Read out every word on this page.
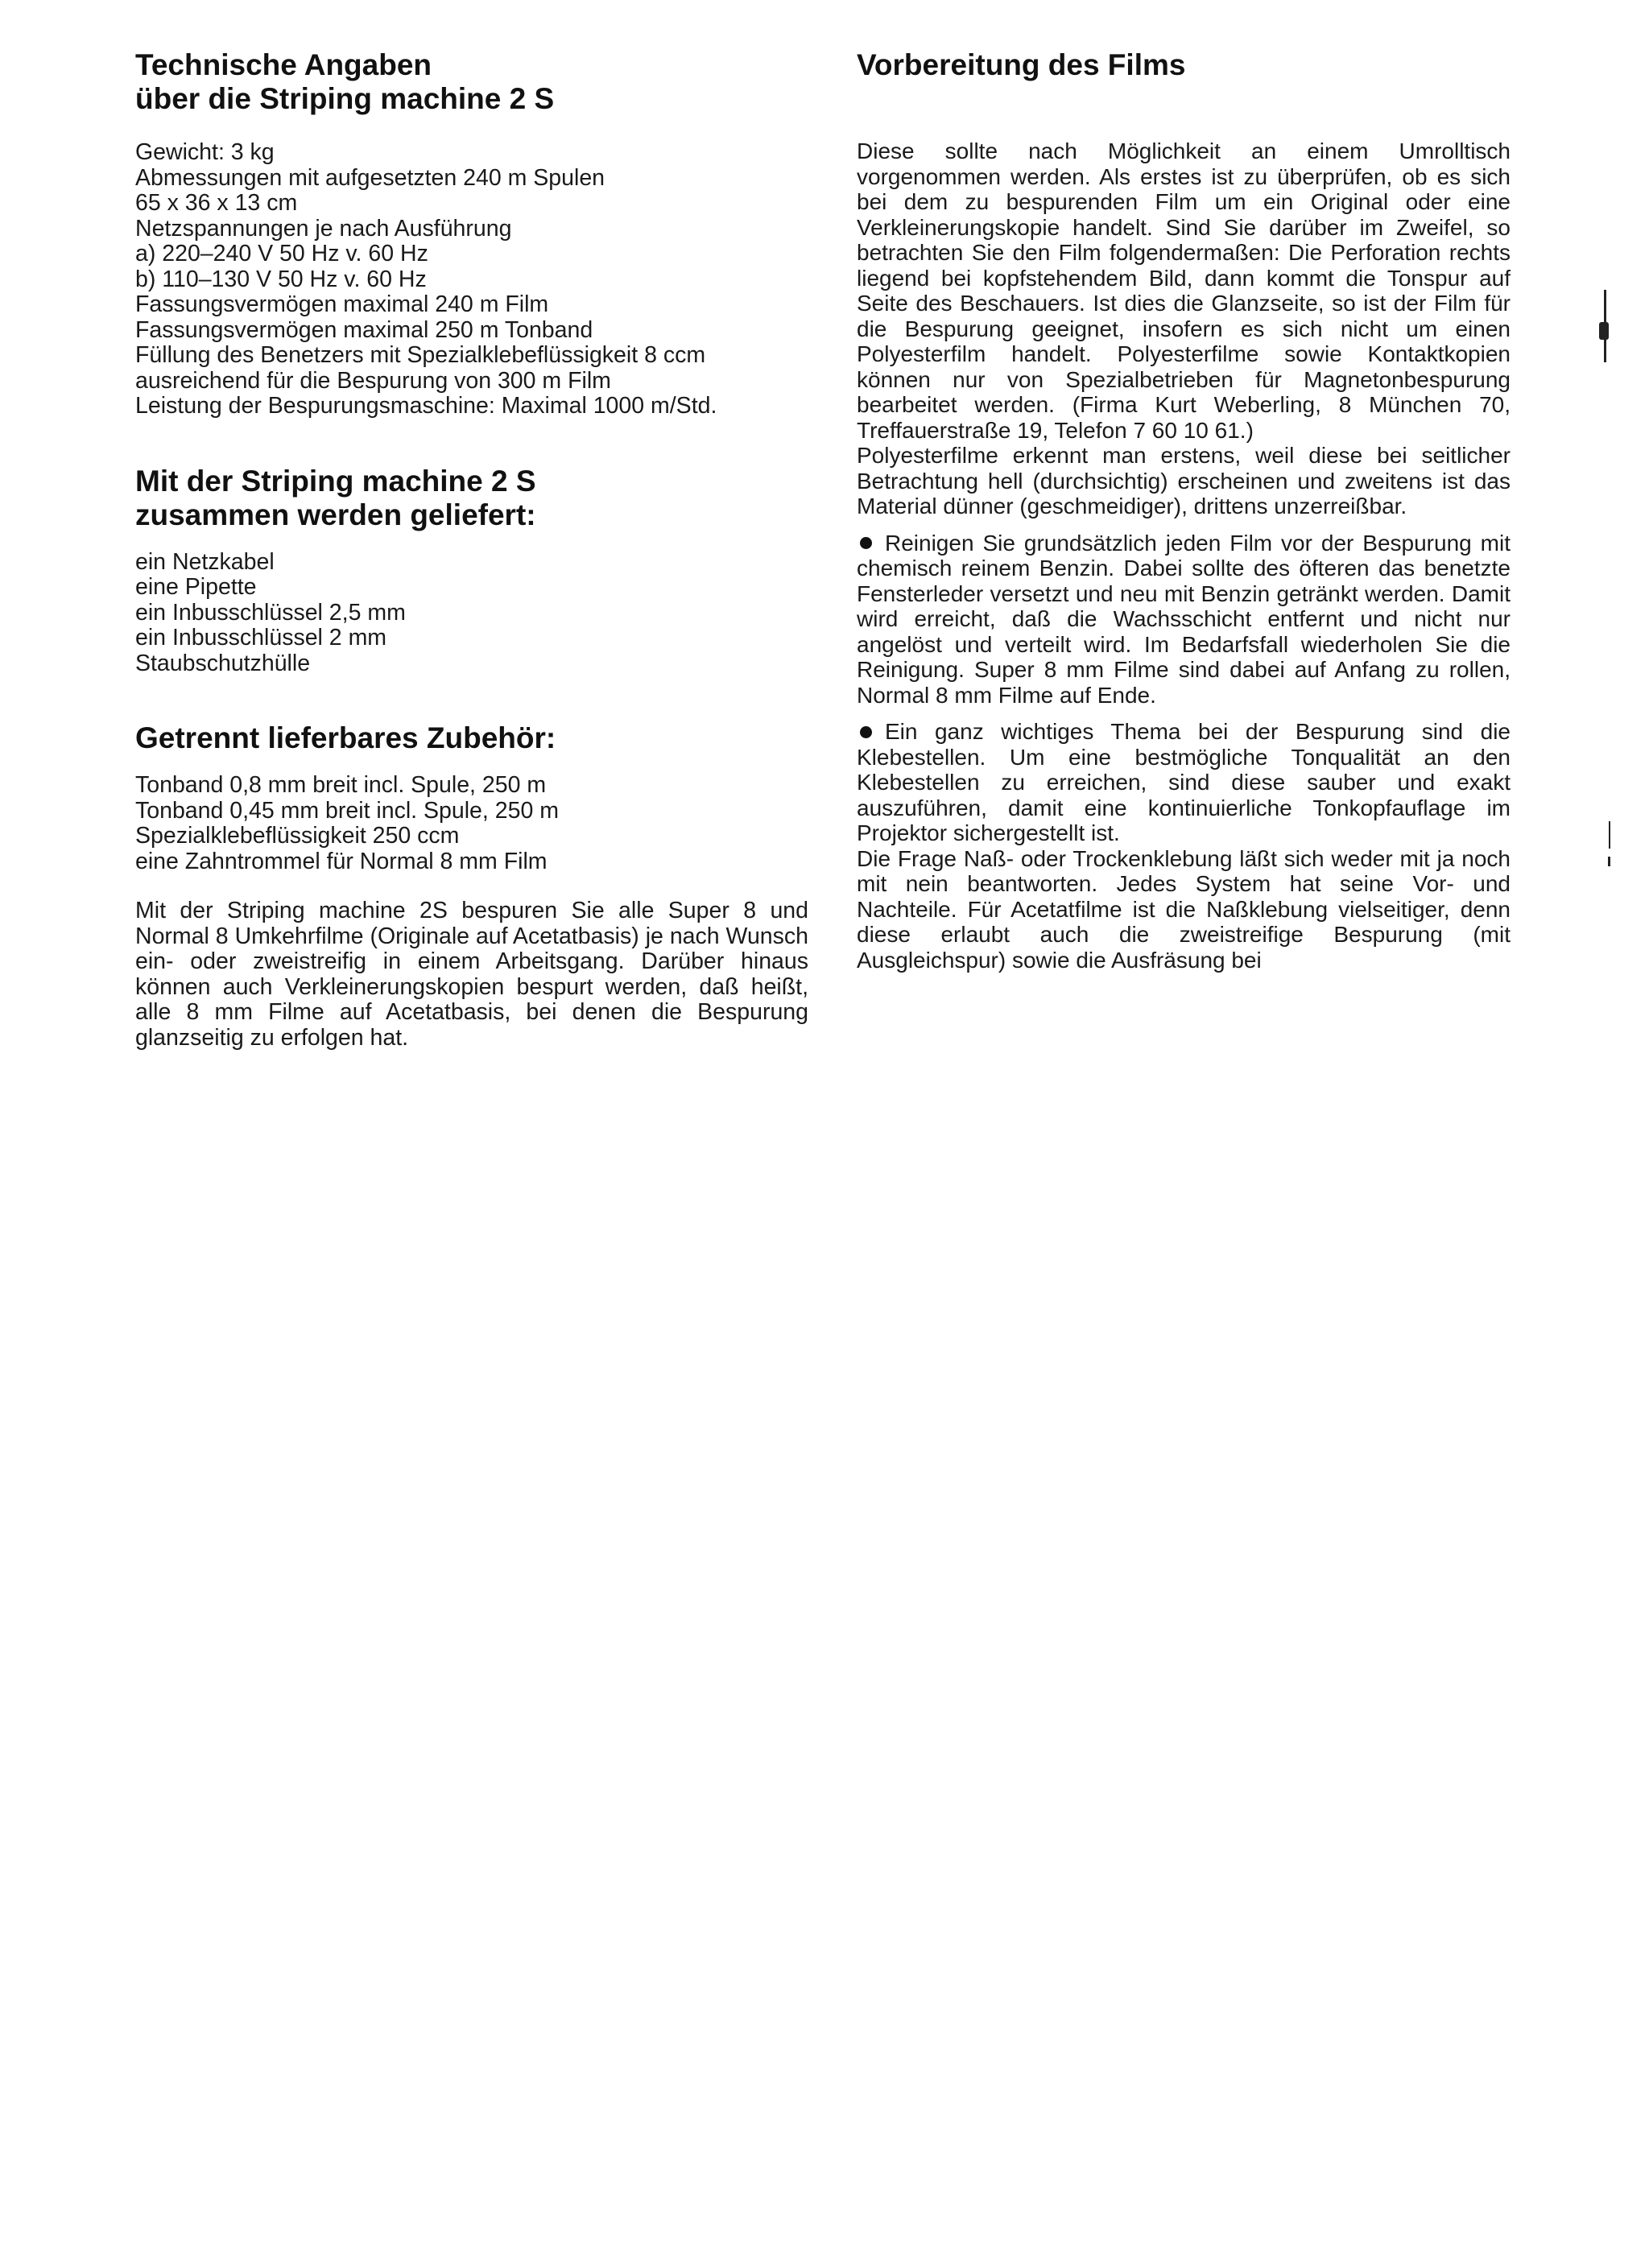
Technische Angaben
über die Striping machine 2 S
Gewicht: 3 kg
Abmessungen mit aufgesetzten 240 m Spulen
65 x 36 x 13 cm
Netzspannungen je nach Ausführung
a) 220–240 V 50 Hz v. 60 Hz
b) 110–130 V 50 Hz v. 60 Hz
Fassungsvermögen maximal 240 m Film
Fassungsvermögen maximal 250 m Tonband
Füllung des Benetzers mit Spezialklebeflüssigkeit 8 ccm
ausreichend für die Bespurung von 300 m Film
Leistung der Bespurungsmaschine: Maximal 1000 m/Std.
Mit der Striping machine 2 S
zusammen werden geliefert:
ein Netzkabel
eine Pipette
ein Inbusschlüssel 2,5 mm
ein Inbusschlüssel 2 mm
Staubschutzhülle
Getrennt lieferbares Zubehör:
Tonband 0,8 mm breit incl. Spule, 250 m
Tonband 0,45 mm breit incl. Spule, 250 m
Spezialklebeflüssigkeit 250 ccm
eine Zahntrommel für Normal 8 mm Film

Mit der Striping machine 2S bespuren Sie alle Super 8 und Normal 8 Umkehrfilme (Originale auf Acetatbasis) je nach Wunsch ein- oder zweistreifig in einem Arbeitsgang. Darüber hinaus können auch Verkleinerungskopien bespurt werden, daß heißt, alle 8 mm Filme auf Acetatbasis, bei denen die Bespurung glanzseitig zu erfolgen hat.

Vorbereitung des Films

Diese sollte nach Möglichkeit an einem Umrolltisch vorgenommen werden. Als erstes ist zu überprüfen, ob es sich bei dem zu bespurenden Film um ein Original oder eine Verkleinerungskopie handelt. Sind Sie darüber im Zweifel, so betrachten Sie den Film folgendermaßen: Die Perforation rechts liegend bei kopfstehendem Bild, dann kommt die Tonspur auf Seite des Beschauers. Ist dies die Glanzseite, so ist der Film für die Bespurung geeignet, insofern es sich nicht um einen Polyesterfilm handelt. Polyesterfilme sowie Kontaktkopien können nur von Spezialbetrieben für Magnetonbespurung bearbeitet werden. (Firma Kurt Weberling, 8 München 70, Treffauerstraße 19, Telefon 7 60 10 61.)

Polyesterfilme erkennt man erstens, weil diese bei seitlicher Betrachtung hell (durchsichtig) erscheinen und zweitens ist das Material dünner (geschmeidiger), drittens unzerreißbar.

Reinigen Sie grundsätzlich jeden Film vor der Bespurung mit chemisch reinem Benzin. Dabei sollte des öfteren das benetzte Fensterleder versetzt und neu mit Benzin getränkt werden. Damit wird erreicht, daß die Wachsschicht entfernt und nicht nur angelöst und verteilt wird. Im Bedarfsfall wiederholen Sie die Reinigung. Super 8 mm Filme sind dabei auf Anfang zu rollen, Normal 8 mm Filme auf Ende.

Ein ganz wichtiges Thema bei der Bespurung sind die Klebestellen. Um eine bestmögliche Tonqualität an den Klebestellen zu erreichen, sind diese sauber und exakt auszuführen, damit eine kontinuierliche Tonkopfauflage im Projektor sichergestellt ist.

Die Frage Naß- oder Trockenklebung läßt sich weder mit ja noch mit nein beantworten. Jedes System hat seine Vor- und Nachteile. Für Acetatfilme ist die Naßklebung vielseitiger, denn diese erlaubt auch die zweistreifige Bespurung (mit Ausgleichspur) sowie die Ausfräsung bei
